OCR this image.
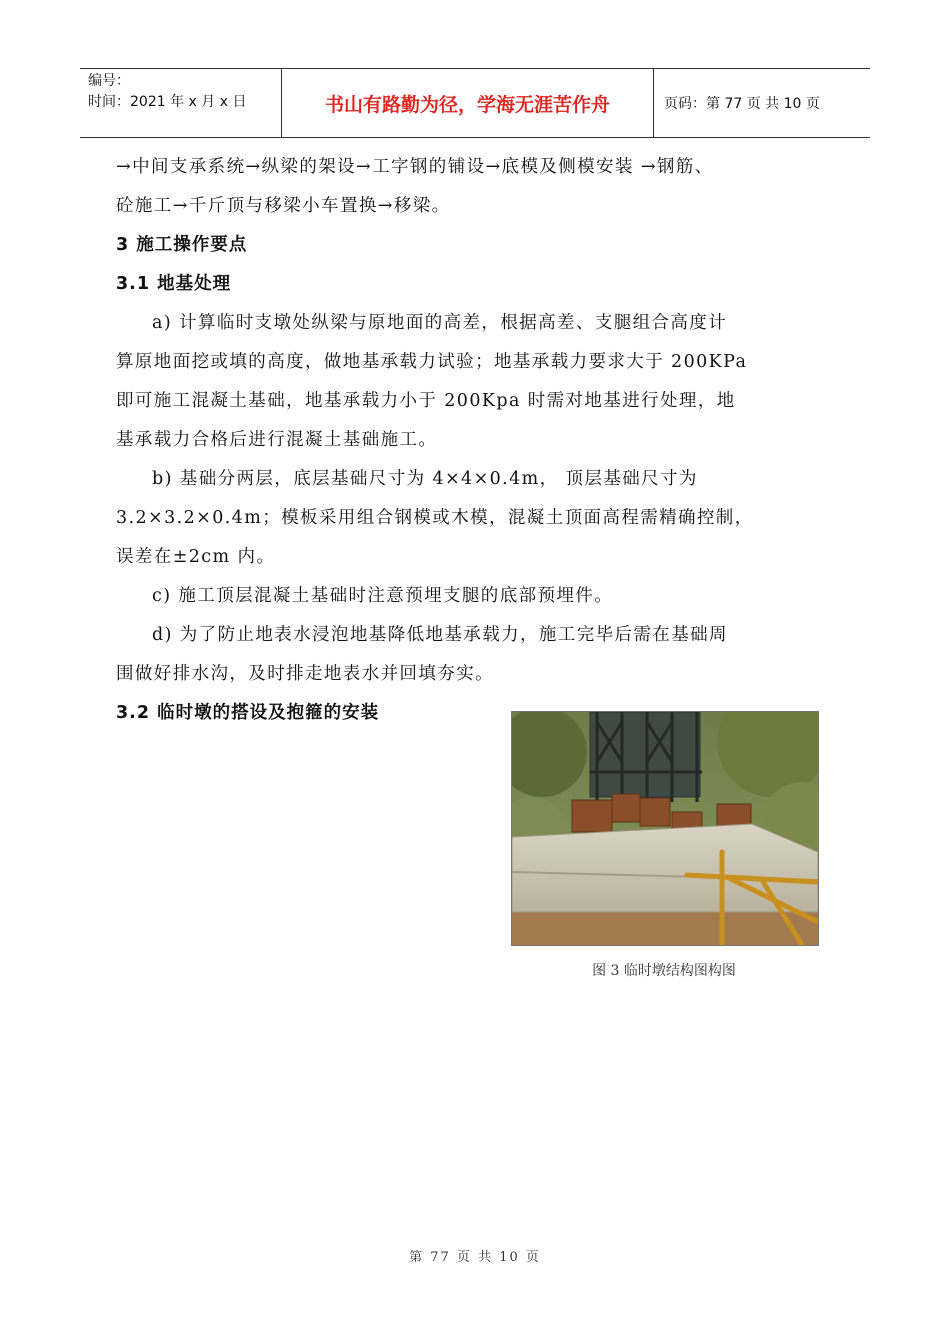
编号：
时间：2021 年 x 月 x 日	书山有路勤为径，学海无涯苦作舟	页码：第 77 页 共 10 页
→中间支承系统→纵梁的架设→工字钢的铺设→底模及侧模安装 →钢筋、
砼施工→千斤顶与移梁小车置换→移梁。
3 施工操作要点
3.1 地基处理
a) 计算临时支墩处纵梁与原地面的高差，根据高差、支腿组合高度计
算原地面挖或填的高度，做地基承载力试验；地基承载力要求大于 200KPa
即可施工混凝土基础，地基承载力小于 200Kpa 时需对地基进行处理，地
基承载力合格后进行混凝土基础施工。
b) 基础分两层，底层基础尺寸为 4×4×0.4m， 顶层基础尺寸为
3.2×3.2×0.4m；模板采用组合钢模或木模，混凝土顶面高程需精确控制，
误差在±2cm 内。
c) 施工顶层混凝土基础时注意预埋支腿的底部预埋件。
d) 为了防止地表水浸泡地基降低地基承载力，施工完毕后需在基础周
围做好排水沟，及时排走地表水并回填夯实。
3.2 临时墩的搭设及抱箍的安装
图 3 临时墩结构图构图
第 77 页 共 10 页
